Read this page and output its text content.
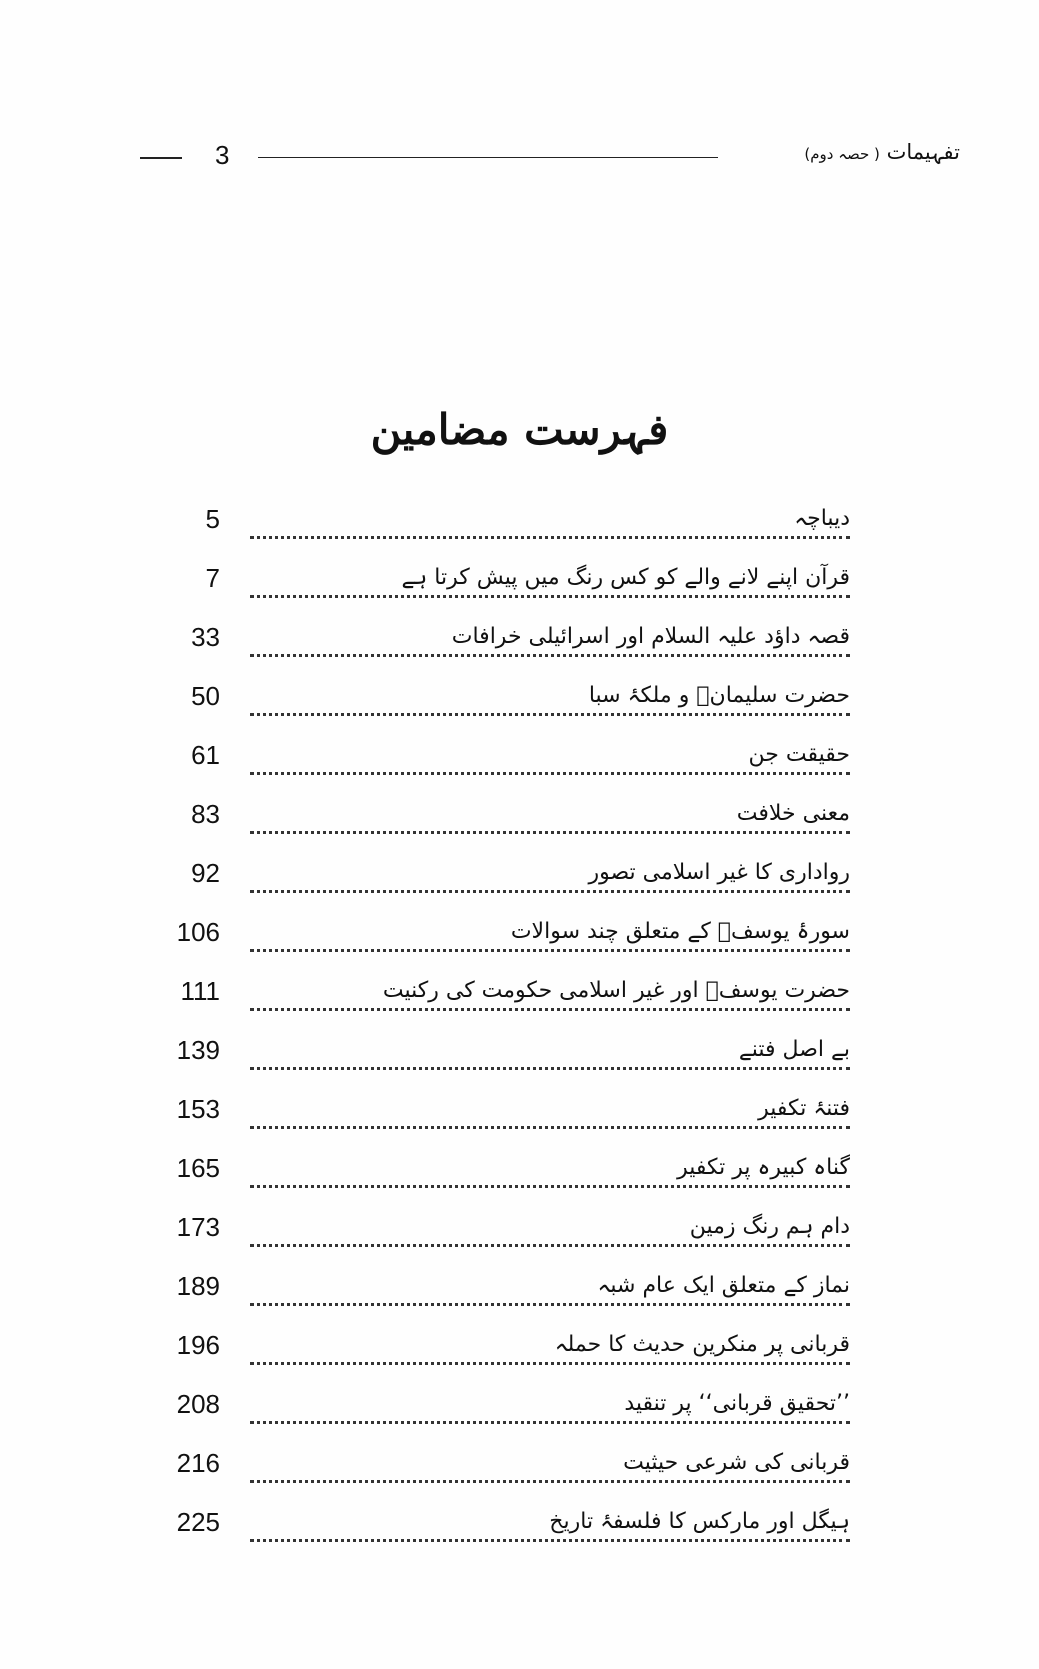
3	تفہیمات ( حصہ دوم)
فہرست مضامین
5	دیباچہ
7	قرآن اپنے لانے والے کو کس رنگ میں پیش کرتا ہے
33	قصہ داؤد علیہ السلام اور اسرائیلی خرافات
50	حضرت سلیمانؑ و ملکۂ سبا
61	حقیقت جن
83	معنی خلافت
92	رواداری کا غیر اسلامی تصور
106	سورۂ یوسفؑ کے متعلق چند سوالات
111	حضرت یوسفؑ اور غیر اسلامی حکومت کی رکنیت
139	بے اصل فتنے
153	فتنۂ تکفیر
165	گناہ کبیرہ پر تکفیر
173	دام ہم رنگ زمین
189	نماز کے متعلق ایک عام شبہ
196	قربانی پر منکرین حدیث کا حملہ
208	’’تحقیق قربانی‘‘ پر تنقید
216	قربانی کی شرعی حیثیت
225	ہیگل اور مارکس کا فلسفۂ تاریخ
